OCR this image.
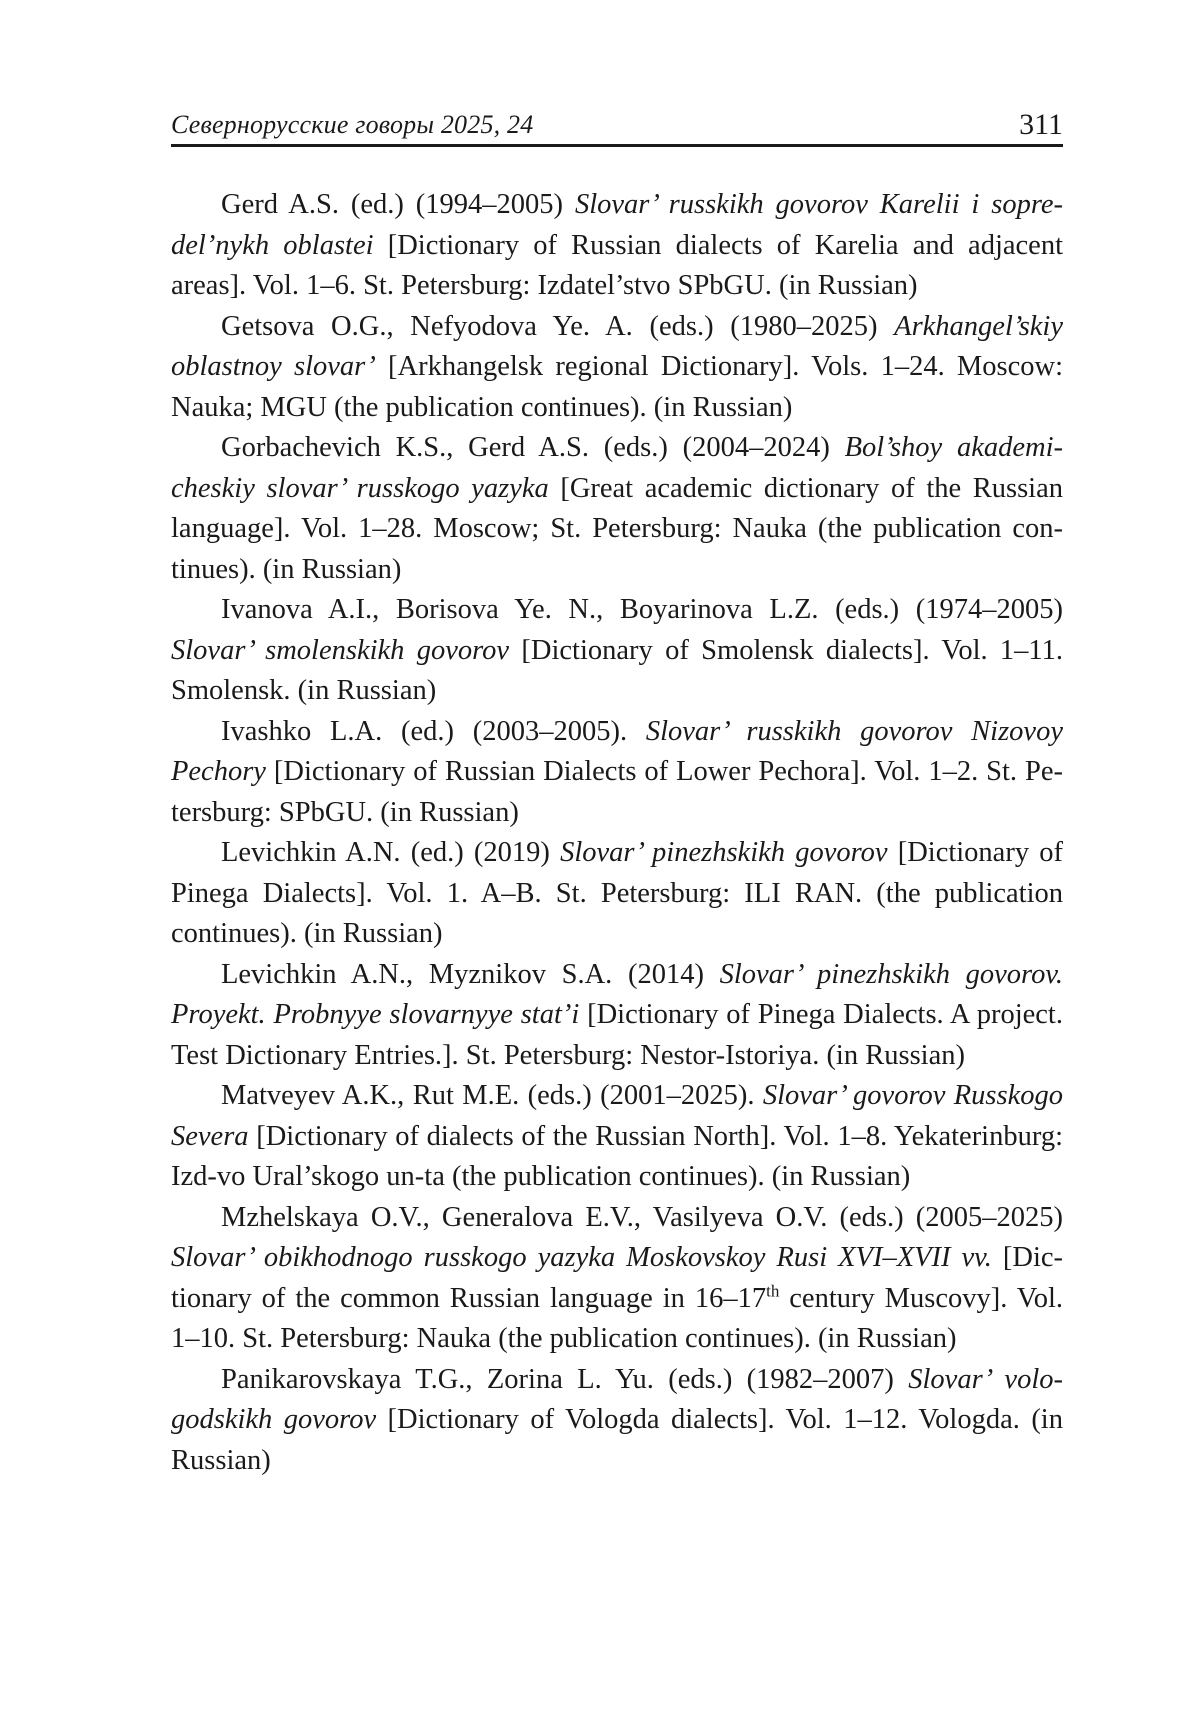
Севернорусские говоры 2025, 24	311

Gerd A.S. (ed.) (1994–2005) Slovar’ russkikh govorov Karelii i sopredel’nykh oblastei [Dictionary of Russian dialects of Karelia and adjacent areas]. Vol. 1–6. St. Petersburg: Izdatel’stvo SPbGU. (in Russian)

Getsova O.G., Nefyodova Ye. A. (eds.) (1980–2025) Arkhangel’skiy oblastnoy slovar’ [Arkhangelsk regional Dictionary]. Vols. 1–24. Moscow: Nauka; MGU (the publication continues). (in Russian)

Gorbachevich K.S., Gerd A.S. (eds.) (2004–2024) Bol’shoy akademicheskiy slovar’ russkogo yazyka [Great academic dictionary of the Russian language]. Vol. 1–28. Moscow; St. Petersburg: Nauka (the publication continues). (in Russian)

Ivanova A.I., Borisova Ye. N., Boyarinova L.Z. (eds.) (1974–2005) Slovar’ smolenskikh govorov [Dictionary of Smolensk dialects]. Vol. 1–11. Smolensk. (in Russian)

Ivashko L.A. (ed.) (2003–2005). Slovar’ russkikh govorov Nizovoy Pechory [Dictionary of Russian Dialects of Lower Pechora]. Vol. 1–2. St. Petersburg: SPbGU. (in Russian)

Levichkin A.N. (ed.) (2019) Slovar’ pinezhskikh govorov [Dictionary of Pinega Dialects]. Vol. 1. A–B. St. Petersburg: ILI RAN. (the publication continues). (in Russian)

Levichkin A.N., Myznikov S.A. (2014) Slovar’ pinezhskikh govorov. Proyekt. Probnyye slovarnyye stat’i [Dictionary of Pinega Dialects. A project. Test Dictionary Entries.]. St. Petersburg: Nestor-Istoriya. (in Russian)

Matveyev A.K., Rut M.E. (eds.) (2001–2025). Slovar’ govorov Russkogo Severa [Dictionary of dialects of the Russian North]. Vol. 1–8. Yekaterinburg: Izd-vo Ural’skogo un-ta (the publication continues). (in Russian)

Mzhelskaya O.V., Generalova E.V., Vasilyeva O.V. (eds.) (2005–2025) Slovar’ obikhodnogo russkogo yazyka Moskovskoy Rusi XVI–XVII vv. [Dictionary of the common Russian language in 16–17th century Muscovy]. Vol. 1–10. St. Petersburg: Nauka (the publication continues). (in Russian)

Panikarovskaya T.G., Zorina L. Yu. (eds.) (1982–2007) Slovar’ vologodskikh govorov [Dictionary of Vologda dialects]. Vol. 1–12. Vologda. (in Russian)
